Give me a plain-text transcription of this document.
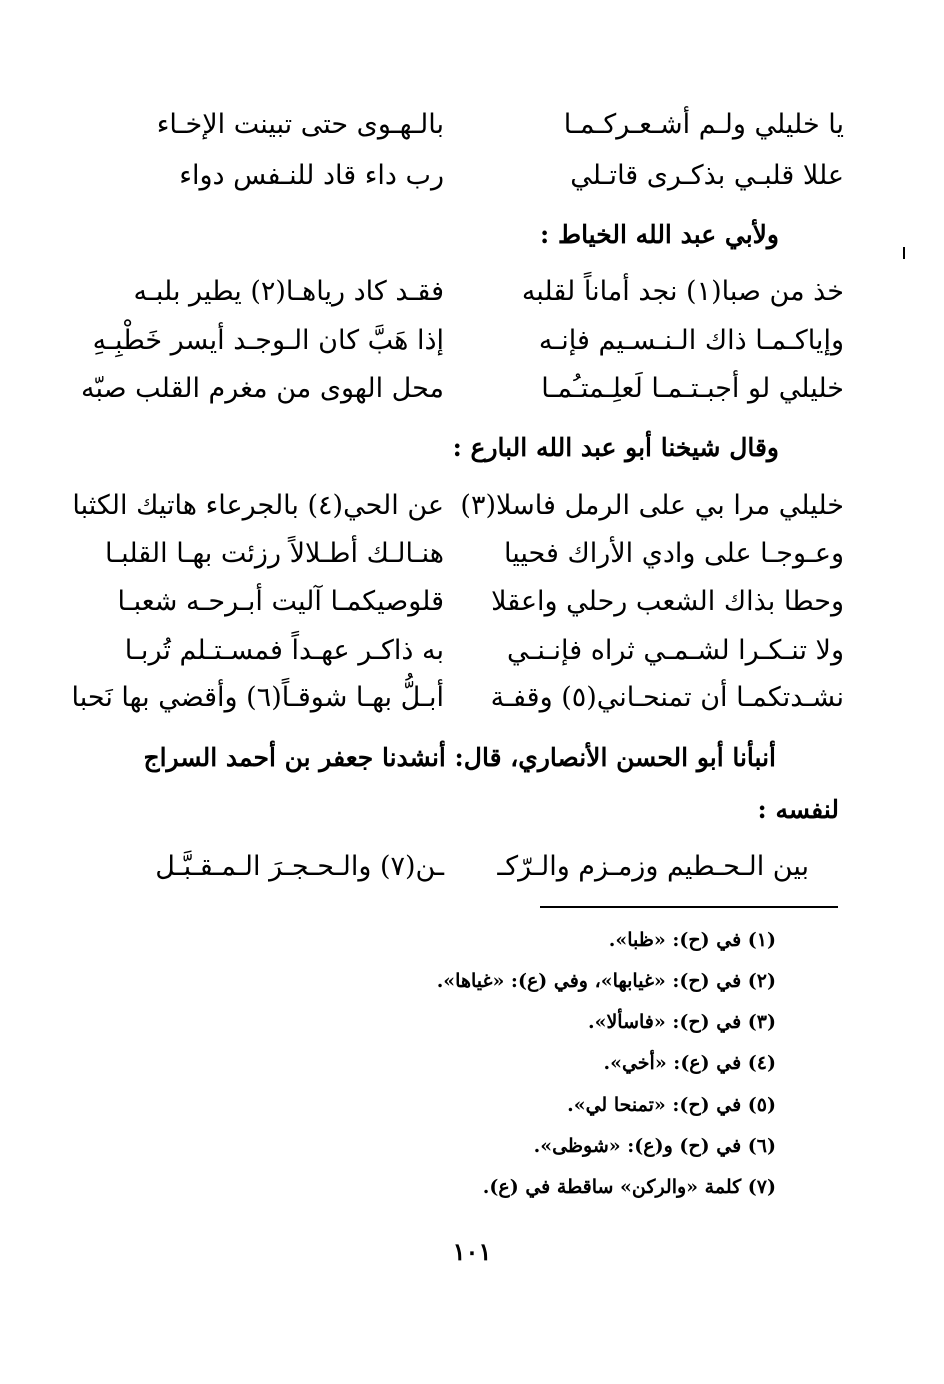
يا خليلي ولـم أشـعـركـمـا
بالـهـوى حتى تبينت الإخـاء
عللا قلبـي بذكـرى قاتـلي
رب داء قاد للنـفس دواء
ولأبي عبد الله الخياط :
خذ من صبا(١) نجد أماناً لقلبه
فقـد كاد رياهـا(٢) يطير بلبـه
وإياكـمـا ذاك الـنـسـيم فإنـه
إذا هَبَّ كان الـوجـد أيسر خَطْبِـهِ
خليلي لو أجبـتـمـا لَعلِـمتـُمـا
محل الهوى من مغرم القلب صبّه
وقال شيخنا أبو عبد الله البارع :
خليلي مرا بي على الرمل فاسلا(٣)
عن الحي(٤) بالجرعاء هاتيك الكثبا
وعـوجـا على وادي الأراك فحييا
هنـالـك أطـلالاً رزئت بهـا القلبـا
وحطا بذاك الشعب رحلي واعقلا
قلوصيكمـا آليت أبـرحـه شعبـا
ولا تنـكـرا لشـمـي ثراه فإنـنـي
به ذاكـر عهـداً فمسـتـلم تُربـا
نشـدتكمـا أن تمنحـاني(٥) وقفـة
أبـلُّ بهـا شوقـاً(٦) وأقضي بها نَحبا
أنبأنا أبو الحسن الأنصاري، قال: أنشدنا جعفر بن أحمد السراج
لنفسه :
بين الـحـطيم وزمـزم والـرّكـ
ـن(٧) والـحـجـرَ الـمـقـبَّـل
(١) في (ح): «ظبا».
(٢) في (ح): «غيابها»، وفي (ع): «غياها».
(٣) في (ح): «فاسألا».
(٤) في (ع): «أخي».
(٥) في (ح): «تمنحا لي».
(٦) في (ح) و(ع): «شوظى».
(٧) كلمة «والركن» ساقطة في (ع).
١٠١
